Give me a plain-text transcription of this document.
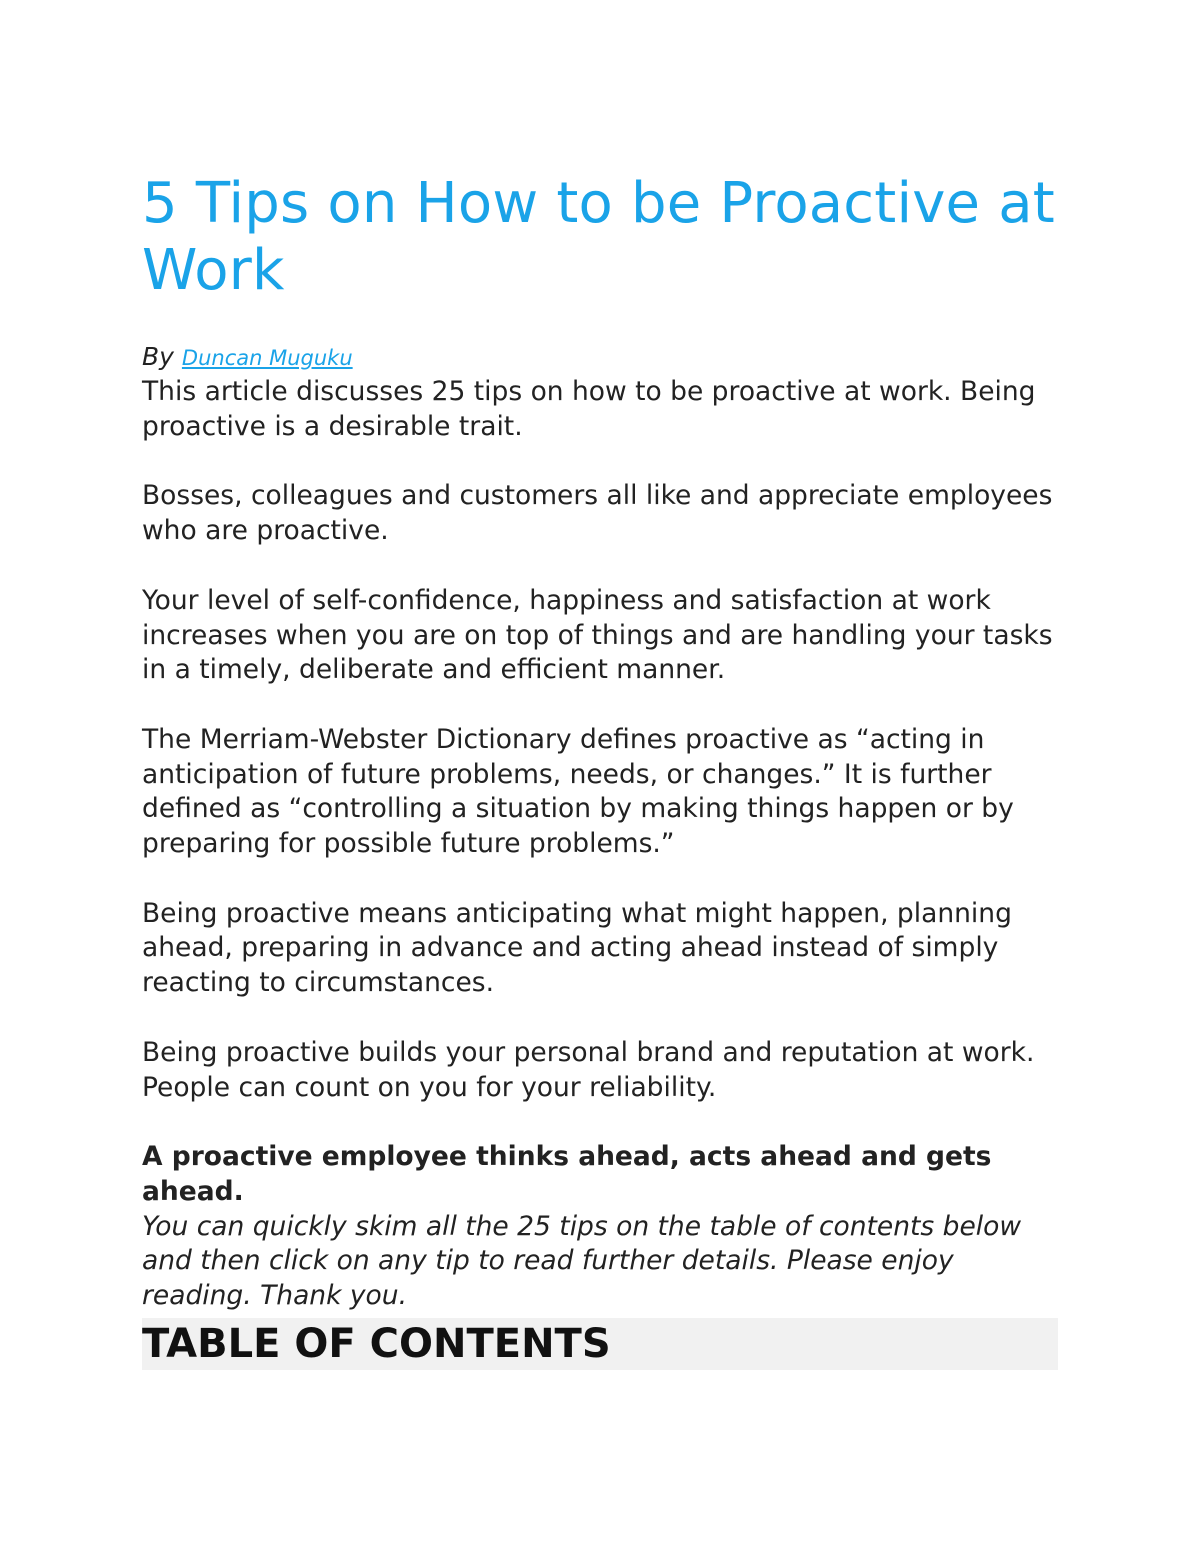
5 Tips on How to be Proactive at Work

By Duncan Muguku

This article discusses 25 tips on how to be proactive at work. Being proactive is a desirable trait.

Bosses, colleagues and customers all like and appreciate employees who are proactive.

Your level of self-confidence, happiness and satisfaction at work increases when you are on top of things and are handling your tasks in a timely, deliberate and efficient manner.

The Merriam-Webster Dictionary defines proactive as “acting in anticipation of future problems, needs, or changes.” It is further defined as “controlling a situation by making things happen or by preparing for possible future problems.”

Being proactive means anticipating what might happen, planning ahead, preparing in advance and acting ahead instead of simply reacting to circumstances.

Being proactive builds your personal brand and reputation at work. People can count on you for your reliability.

A proactive employee thinks ahead, acts ahead and gets ahead.

You can quickly skim all the 25 tips on the table of contents below and then click on any tip to read further details. Please enjoy reading. Thank you.

TABLE OF CONTENTS
